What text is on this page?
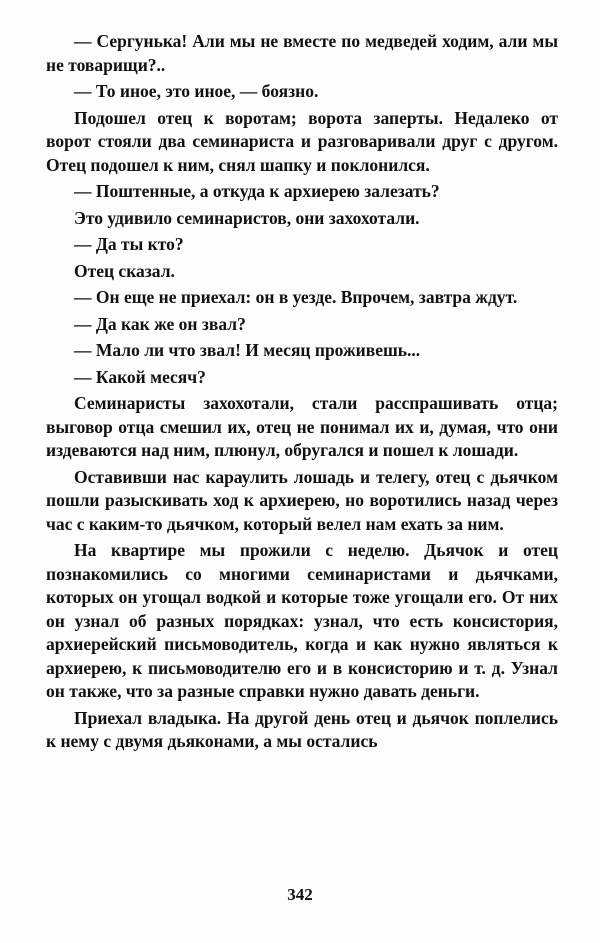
— Сергунька! Али мы не вместе по медведей ходим, али мы не товарищи?..

— То иное, это иное, — боязно.

Подошел отец к воротам; ворота заперты. Недалеко от ворот стояли два семинариста и разговаривали друг с другом. Отец подошел к ним, снял шапку и поклонился.

— Поштенные, а откуда к архиерею залезать?

Это удивило семинаристов, они захохотали.

— Да ты кто?

Отец сказал.

— Он еще не приехал: он в уезде. Впрочем, завтра ждут.

— Да как же он звал?

— Мало ли что звал! И месяц проживешь...

— Какой месяч?

Семинаристы захохотали, стали расспрашивать отца; выговор отца смешил их, отец не понимал их и, думая, что они издеваются над ним, плюнул, обругался и пошел к лошади.

Оставивши нас караулить лошадь и телегу, отец с дьячком пошли разыскивать ход к архиерею, но воротились назад через час с каким-то дьячком, который велел нам ехать за ним.

На квартире мы прожили с неделю. Дьячок и отец познакомились со многими семинаристами и дьячками, которых он угощал водкой и которые тоже угощали его. От них он узнал об разных порядках: узнал, что есть консистория, архиерейский письмоводитель, когда и как нужно являться к архиерею, к письмоводителю его и в консисторию и т. д. Узнал он также, что за разные справки нужно давать деньги.

Приехал владыка. На другой день отец и дьячок поплелись к нему с двумя дьяконами, а мы остались

342
